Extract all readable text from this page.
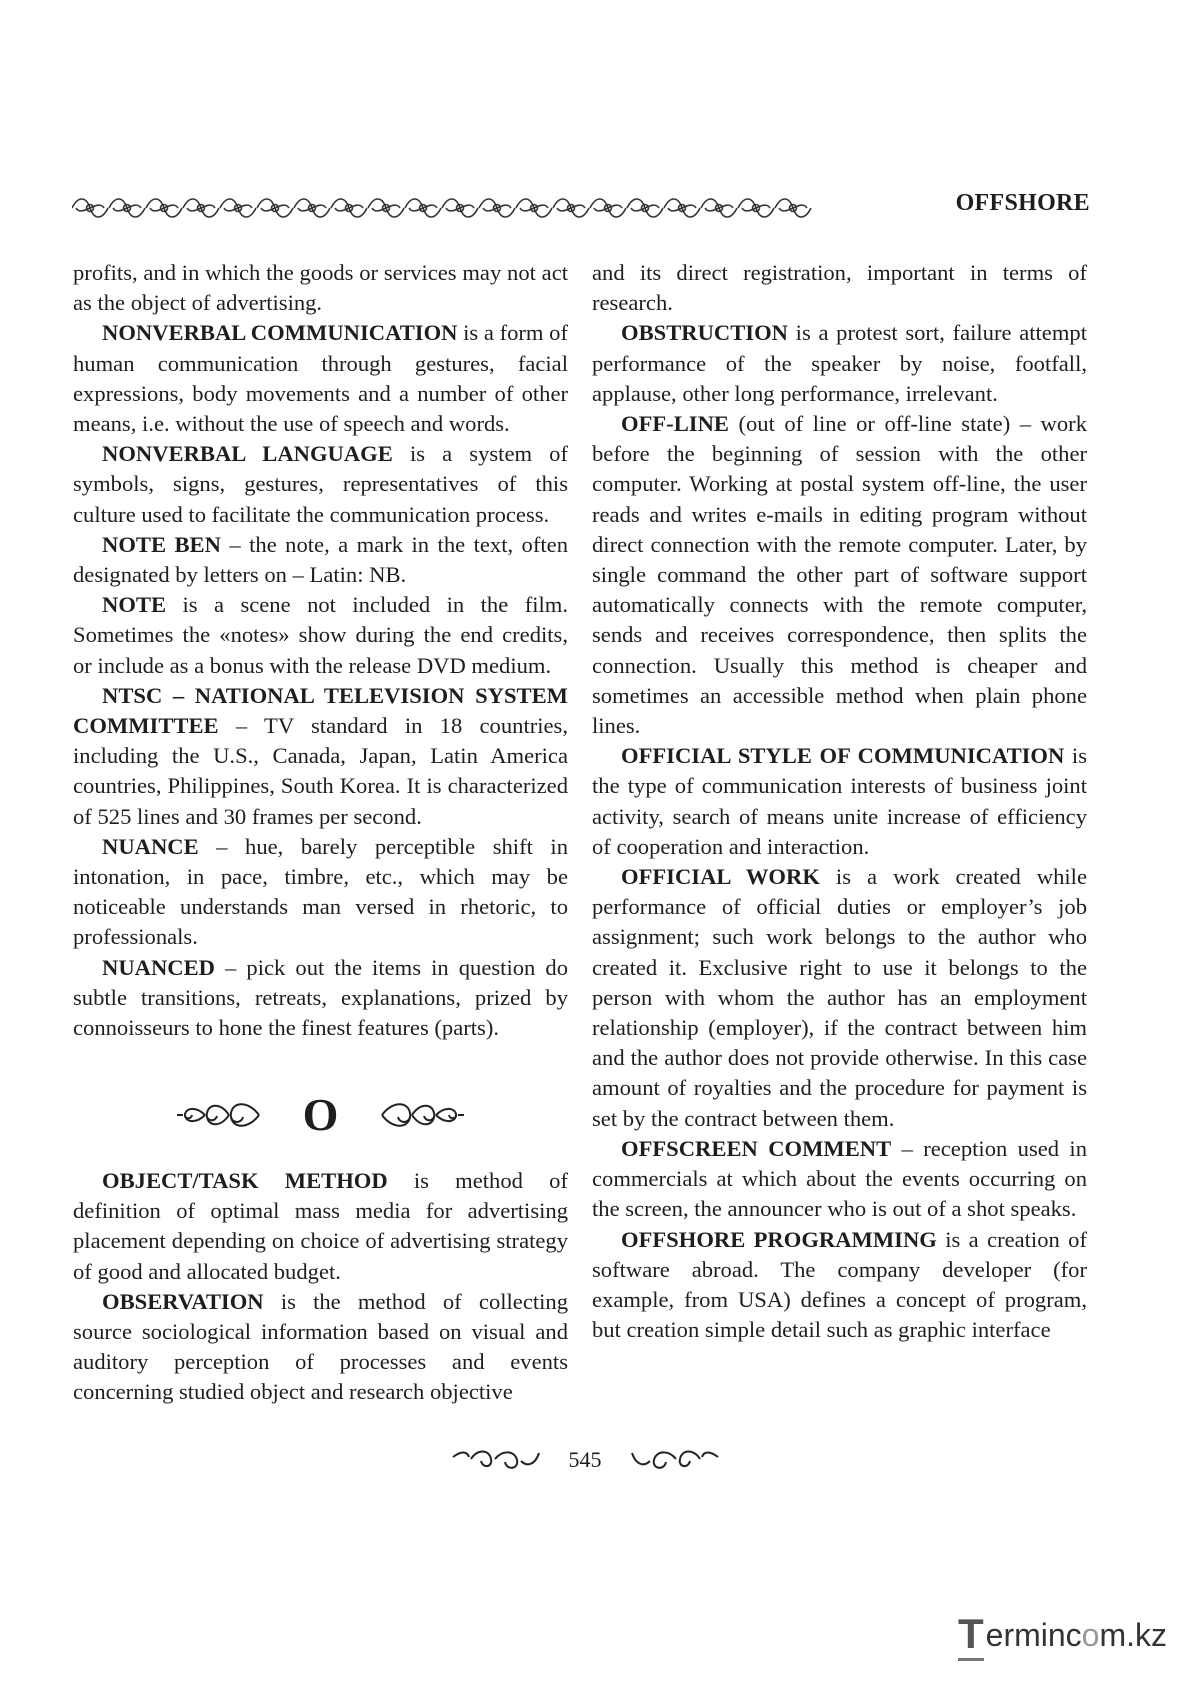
OFFSHORE

profits, and in which the goods or services may not act as the object of advertising.

NONVERBAL COMMUNICATION is a form of human communication through gestures, facial expressions, body movements and a number of other means, i.e. without the use of speech and words.

NONVERBAL LANGUAGE is a system of symbols, signs, gestures, representatives of this culture used to facilitate the communication process.

NOTE BEN – the note, a mark in the text, often designated by letters on – Latin: NB.

NOTE is a scene not included in the film. Sometimes the «notes» show during the end credits, or include as a bonus with the release DVD medium.

NTSC – NATIONAL TELEVISION SYSTEM COMMITTEE – TV standard in 18 countries, including the U.S., Canada, Japan, Latin America countries, Philippines, South Korea. It is characterized of 525 lines and 30 frames per second.

NUANCE – hue, barely perceptible shift in intonation, in pace, timbre, etc., which may be noticeable understands man versed in rhetoric, to professionals.

NUANCED – pick out the items in question do subtle transitions, retreats, explanations, prized by connoisseurs to hone the finest features (parts).

O

OBJECT/TASK METHOD is method of definition of optimal mass media for advertising placement depending on choice of advertising strategy of good and allocated budget.

OBSERVATION is the method of collecting source sociological information based on visual and auditory perception of processes and events concerning studied object and research objective

and its direct registration, important in terms of research.

OBSTRUCTION is a protest sort, failure attempt performance of the speaker by noise, footfall, applause, other long performance, irrelevant.

OFF-LINE (out of line or off-line state) – work before the beginning of session with the other computer. Working at postal system off-line, the user reads and writes e-mails in editing program without direct connection with the remote computer. Later, by single command the other part of software support automatically connects with the remote computer, sends and receives correspondence, then splits the connection. Usually this method is cheaper and sometimes an accessible method when plain phone lines.

OFFICIAL STYLE OF COMMUNICATION is the type of communication interests of business joint activity, search of means unite increase of efficiency of cooperation and interaction.

OFFICIAL WORK is a work created while performance of official duties or employer’s job assignment; such work belongs to the author who created it. Exclusive right to use it belongs to the person with whom the author has an employment relationship (employer), if the contract between him and the author does not provide otherwise. In this case amount of royalties and the procedure for payment is set by the contract between them.

OFFSCREEN COMMENT – reception used in commercials at which about the events occurring on the screen, the announcer who is out of a shot speaks.

OFFSHORE PROGRAMMING is a creation of software abroad. The company developer (for example, from USA) defines a concept of program, but creation simple detail such as graphic interface

545
T erminc o m.kz
